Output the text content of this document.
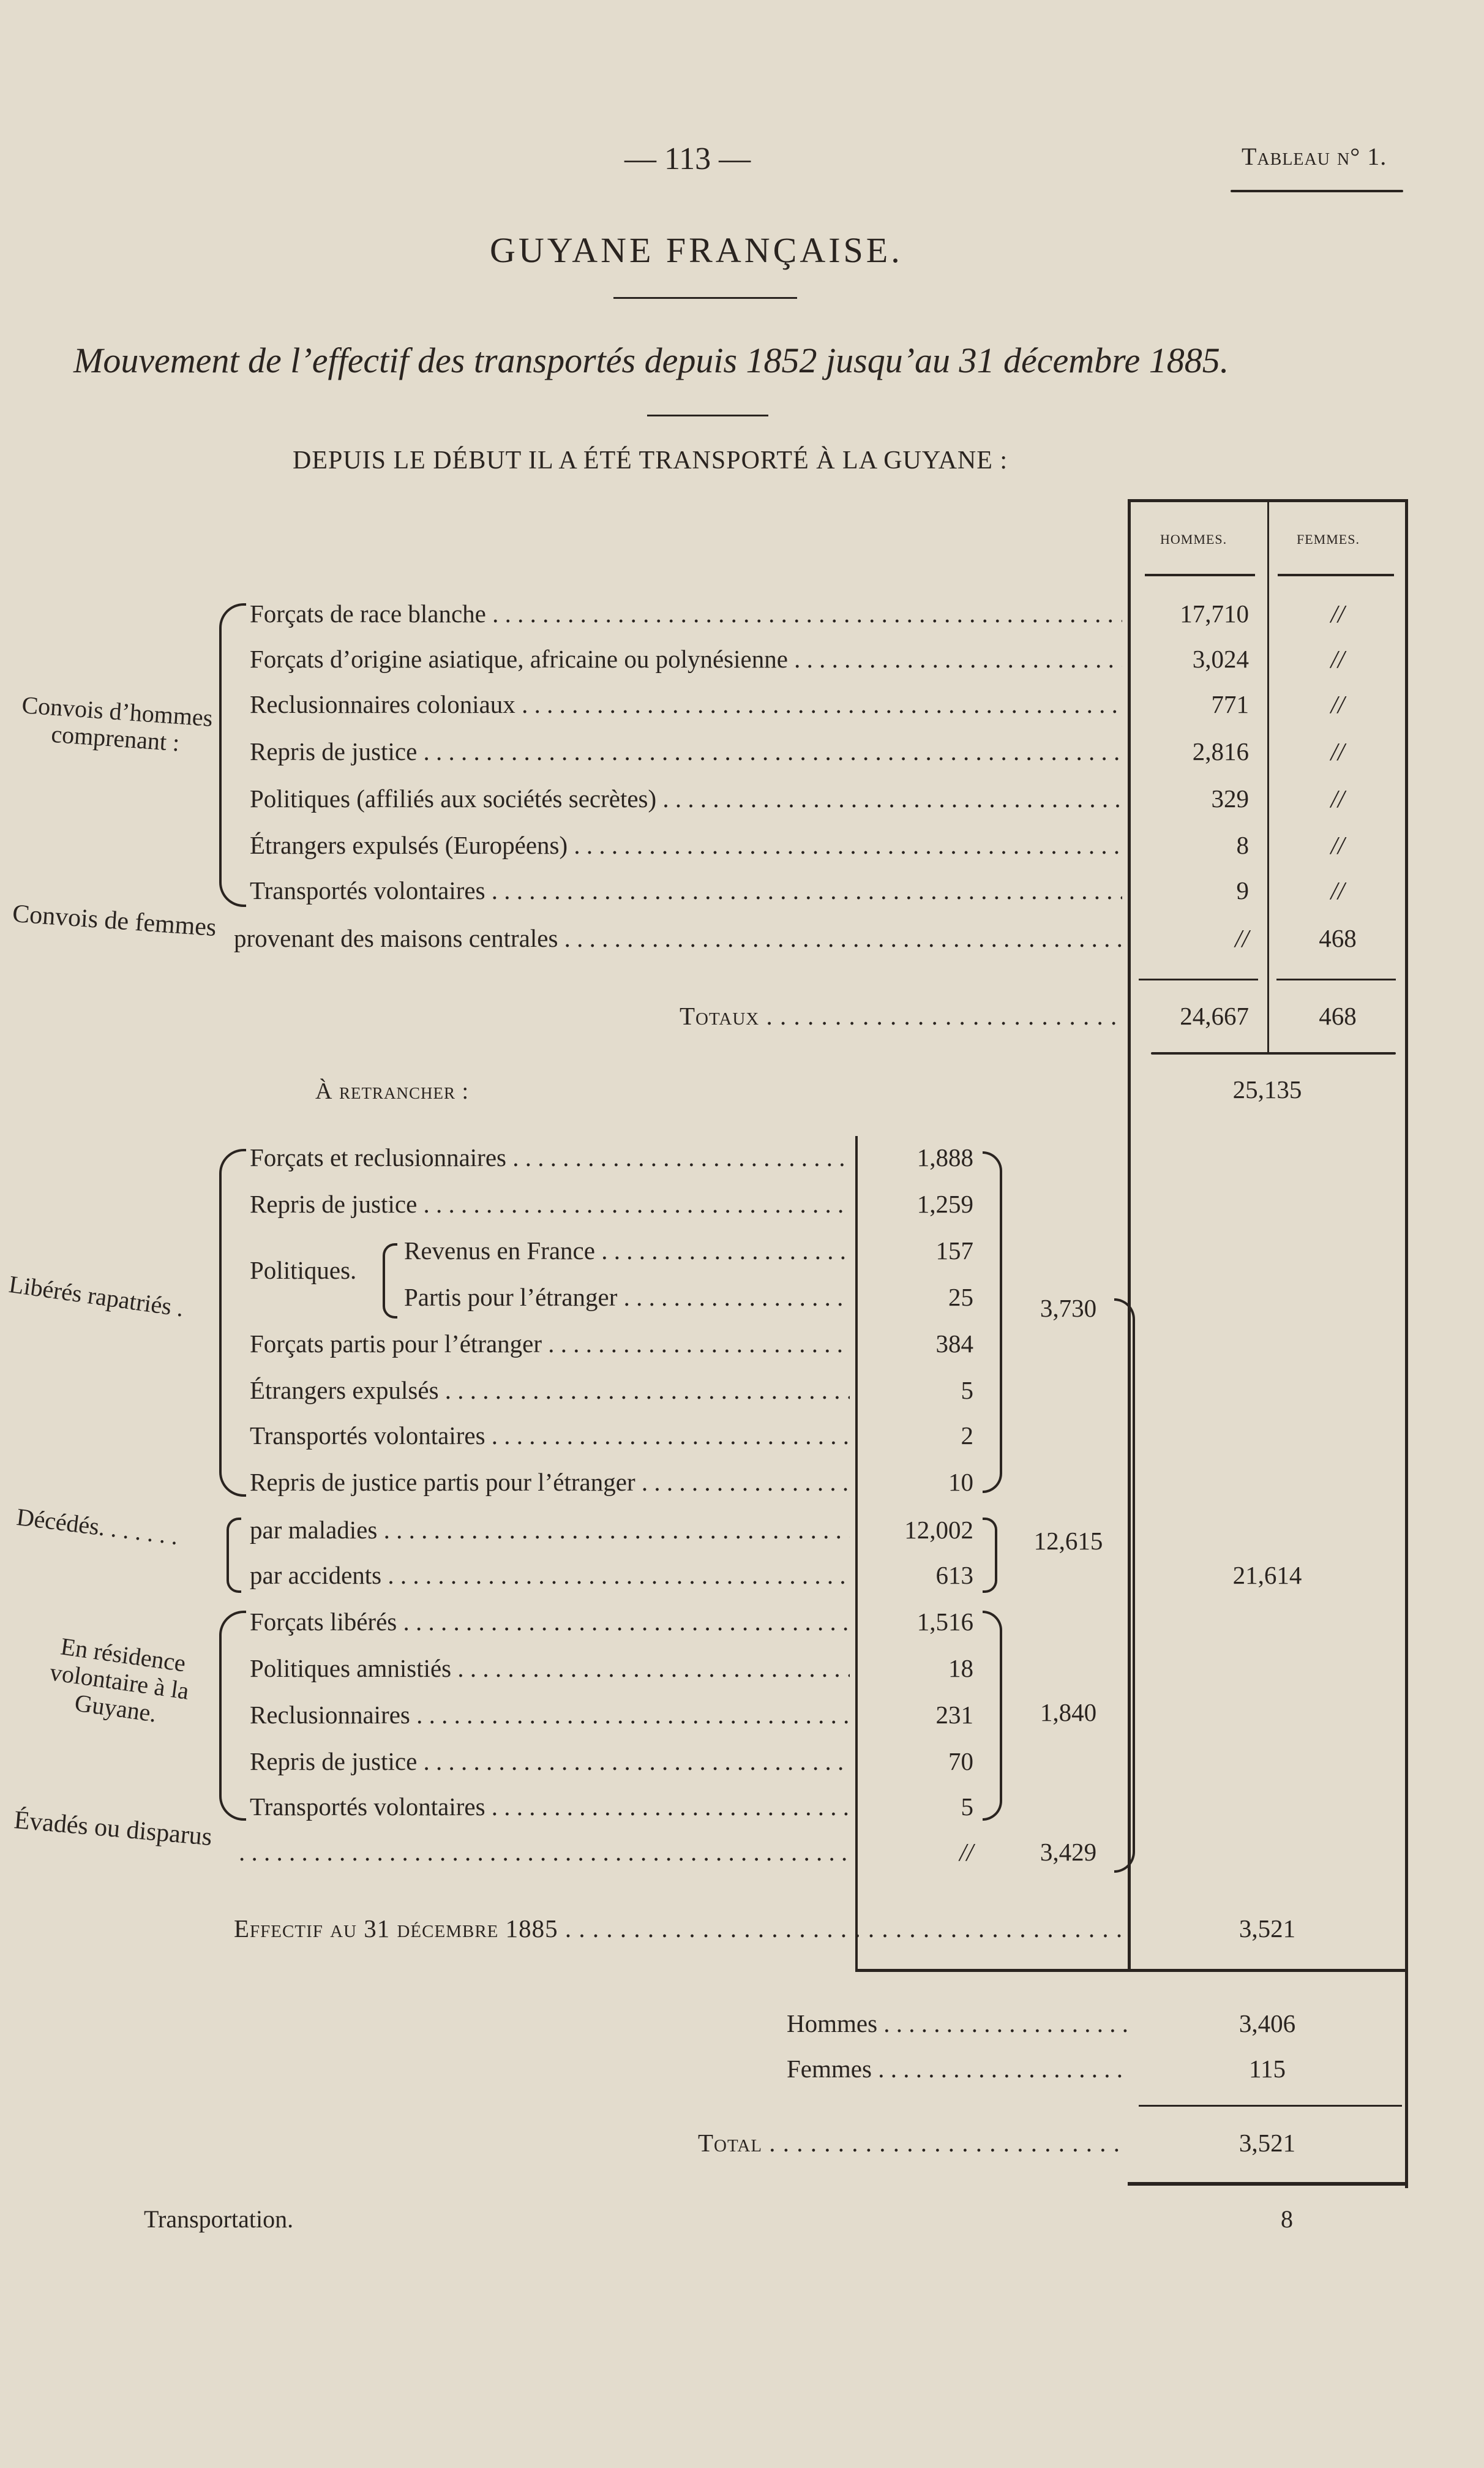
— 113 —	Tableau n° 1.
GUYANE FRANÇAISE.
Mouvement de l’effectif des transportés depuis 1852 jusqu’au 31 décembre 1885.
DEPUIS LE DÉBUT IL A ÉTÉ TRANSPORTÉ À LA GUYANE :
HOMMES.	FEMMES.
Convois d’hommes comprenant :
Forçats de race blanche . . .	17,710	//
Forçats d’origine asiatique, africaine ou polynésienne . . .	3,024	//
Reclusionnaires coloniaux . . .	771	//
Repris de justice . . .	2,816	//
Politiques (affiliés aux sociétés secrètes) . . .	329	//
Étrangers expulsés (Européens) . . .	8	//
Transportés volontaires . . .	9	//
Convois de femmes provenant des maisons centrales . . .	//	468
Totaux . . .	24,667	468
25,135
À retrancher :
Libérés rapatriés .
Forçats et reclusionnaires . . .	1,888
Repris de justice . . .	1,259
Politiques.
Revenus en France . . .	157
Partis pour l’étranger . . .	25
Forçats partis pour l’étranger . . .	384
Étrangers expulsés . . .	5
Transportés volontaires . . .	2
Repris de justice partis pour l’étranger . . .	10
3,730
Décédés. . . . . . .	par maladies . . .	12,002
par accidents . . .	613
12,615
En résidence volontaire à la Guyane.
Forçats libérés . . .	1,516
Politiques amnistiés . . .	18
Reclusionnaires . . .	231
Repris de justice . . .	70
Transportés volontaires . . .	5
1,840
Évadés ou disparus
. . .
//	3,429
21,614
Effectif au 31 décembre 1885 . . .	3,521
Hommes . . .	3,406
Femmes . . .	115
Total . . .	3,521
Transportation.	8
